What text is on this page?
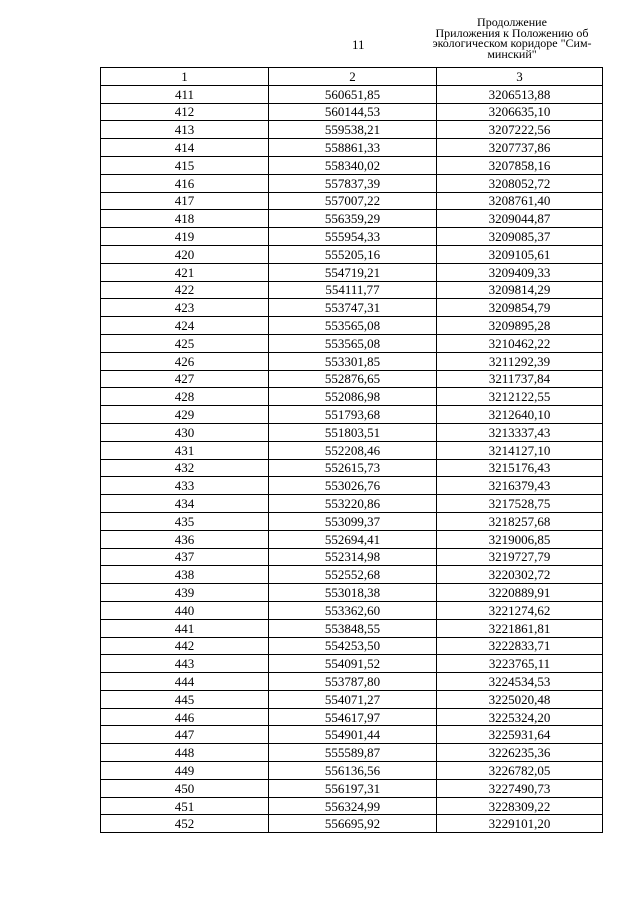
11
Продолжение
Приложения к Положению об
экологическом коридоре "Сим-
минский"
1	2	3
411	560651,85	3206513,88
412	560144,53	3206635,10
413	559538,21	3207222,56
414	558861,33	3207737,86
415	558340,02	3207858,16
416	557837,39	3208052,72
417	557007,22	3208761,40
418	556359,29	3209044,87
419	555954,33	3209085,37
420	555205,16	3209105,61
421	554719,21	3209409,33
422	554111,77	3209814,29
423	553747,31	3209854,79
424	553565,08	3209895,28
425	553565,08	3210462,22
426	553301,85	3211292,39
427	552876,65	3211737,84
428	552086,98	3212122,55
429	551793,68	3212640,10
430	551803,51	3213337,43
431	552208,46	3214127,10
432	552615,73	3215176,43
433	553026,76	3216379,43
434	553220,86	3217528,75
435	553099,37	3218257,68
436	552694,41	3219006,85
437	552314,98	3219727,79
438	552552,68	3220302,72
439	553018,38	3220889,91
440	553362,60	3221274,62
441	553848,55	3221861,81
442	554253,50	3222833,71
443	554091,52	3223765,11
444	553787,80	3224534,53
445	554071,27	3225020,48
446	554617,97	3225324,20
447	554901,44	3225931,64
448	555589,87	3226235,36
449	556136,56	3226782,05
450	556197,31	3227490,73
451	556324,99	3228309,22
452	556695,92	3229101,20
